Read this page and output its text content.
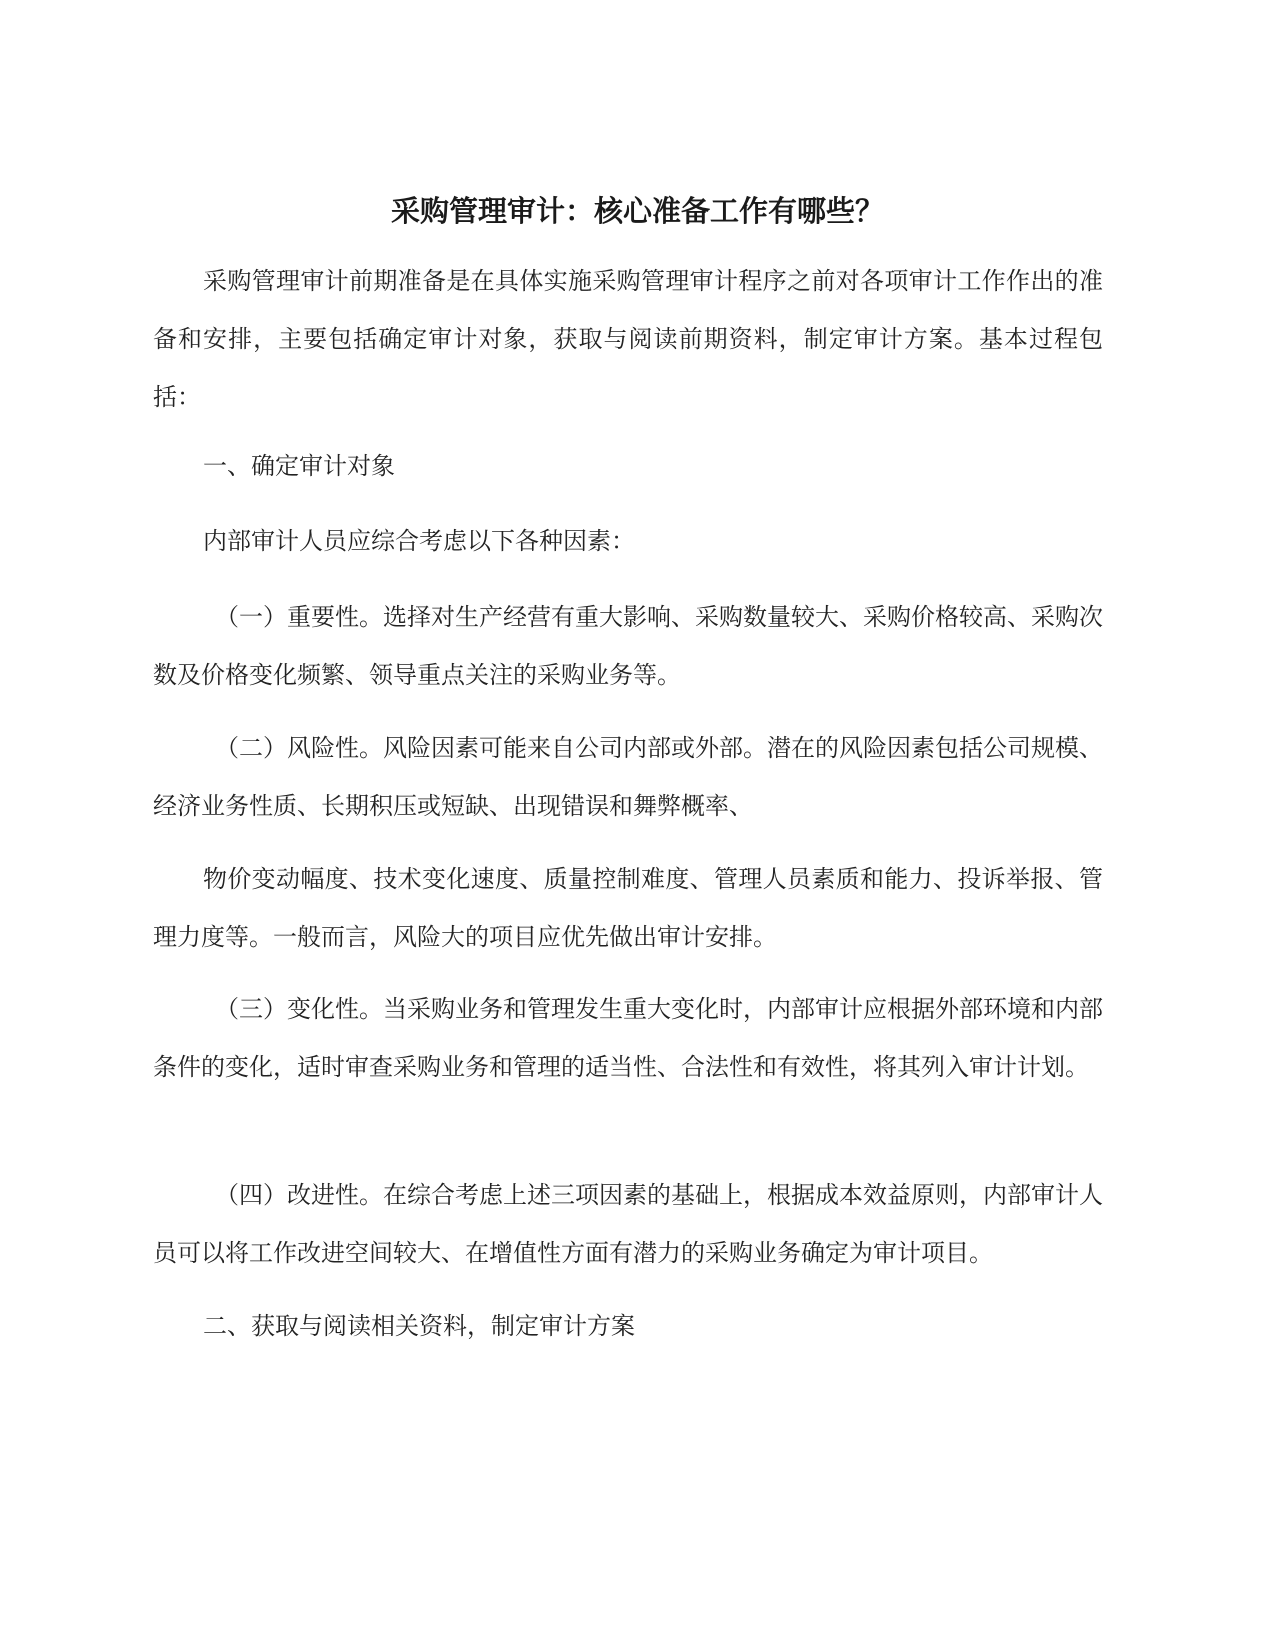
采购管理审计：核心准备工作有哪些？

采购管理审计前期准备是在具体实施采购管理审计程序之前对各项审计工作作出的准备和安排，主要包括确定审计对象，获取与阅读前期资料，制定审计方案。基本过程包括：

一、确定审计对象

内部审计人员应综合考虑以下各种因素：

（一）重要性。选择对生产经营有重大影响、采购数量较大、采购价格较高、采购次数及价格变化频繁、领导重点关注的采购业务等。

（二）风险性。风险因素可能来自公司内部或外部。潜在的风险因素包括公司规模、经济业务性质、长期积压或短缺、出现错误和舞弊概率、

物价变动幅度、技术变化速度、质量控制难度、管理人员素质和能力、投诉举报、管理力度等。一般而言，风险大的项目应优先做出审计安排。

（三）变化性。当采购业务和管理发生重大变化时，内部审计应根据外部环境和内部条件的变化，适时审查采购业务和管理的适当性、合法性和有效性，将其列入审计计划。

（四）改进性。在综合考虑上述三项因素的基础上，根据成本效益原则，内部审计人员可以将工作改进空间较大、在增值性方面有潜力的采购业务确定为审计项目。

二、获取与阅读相关资料，制定审计方案
